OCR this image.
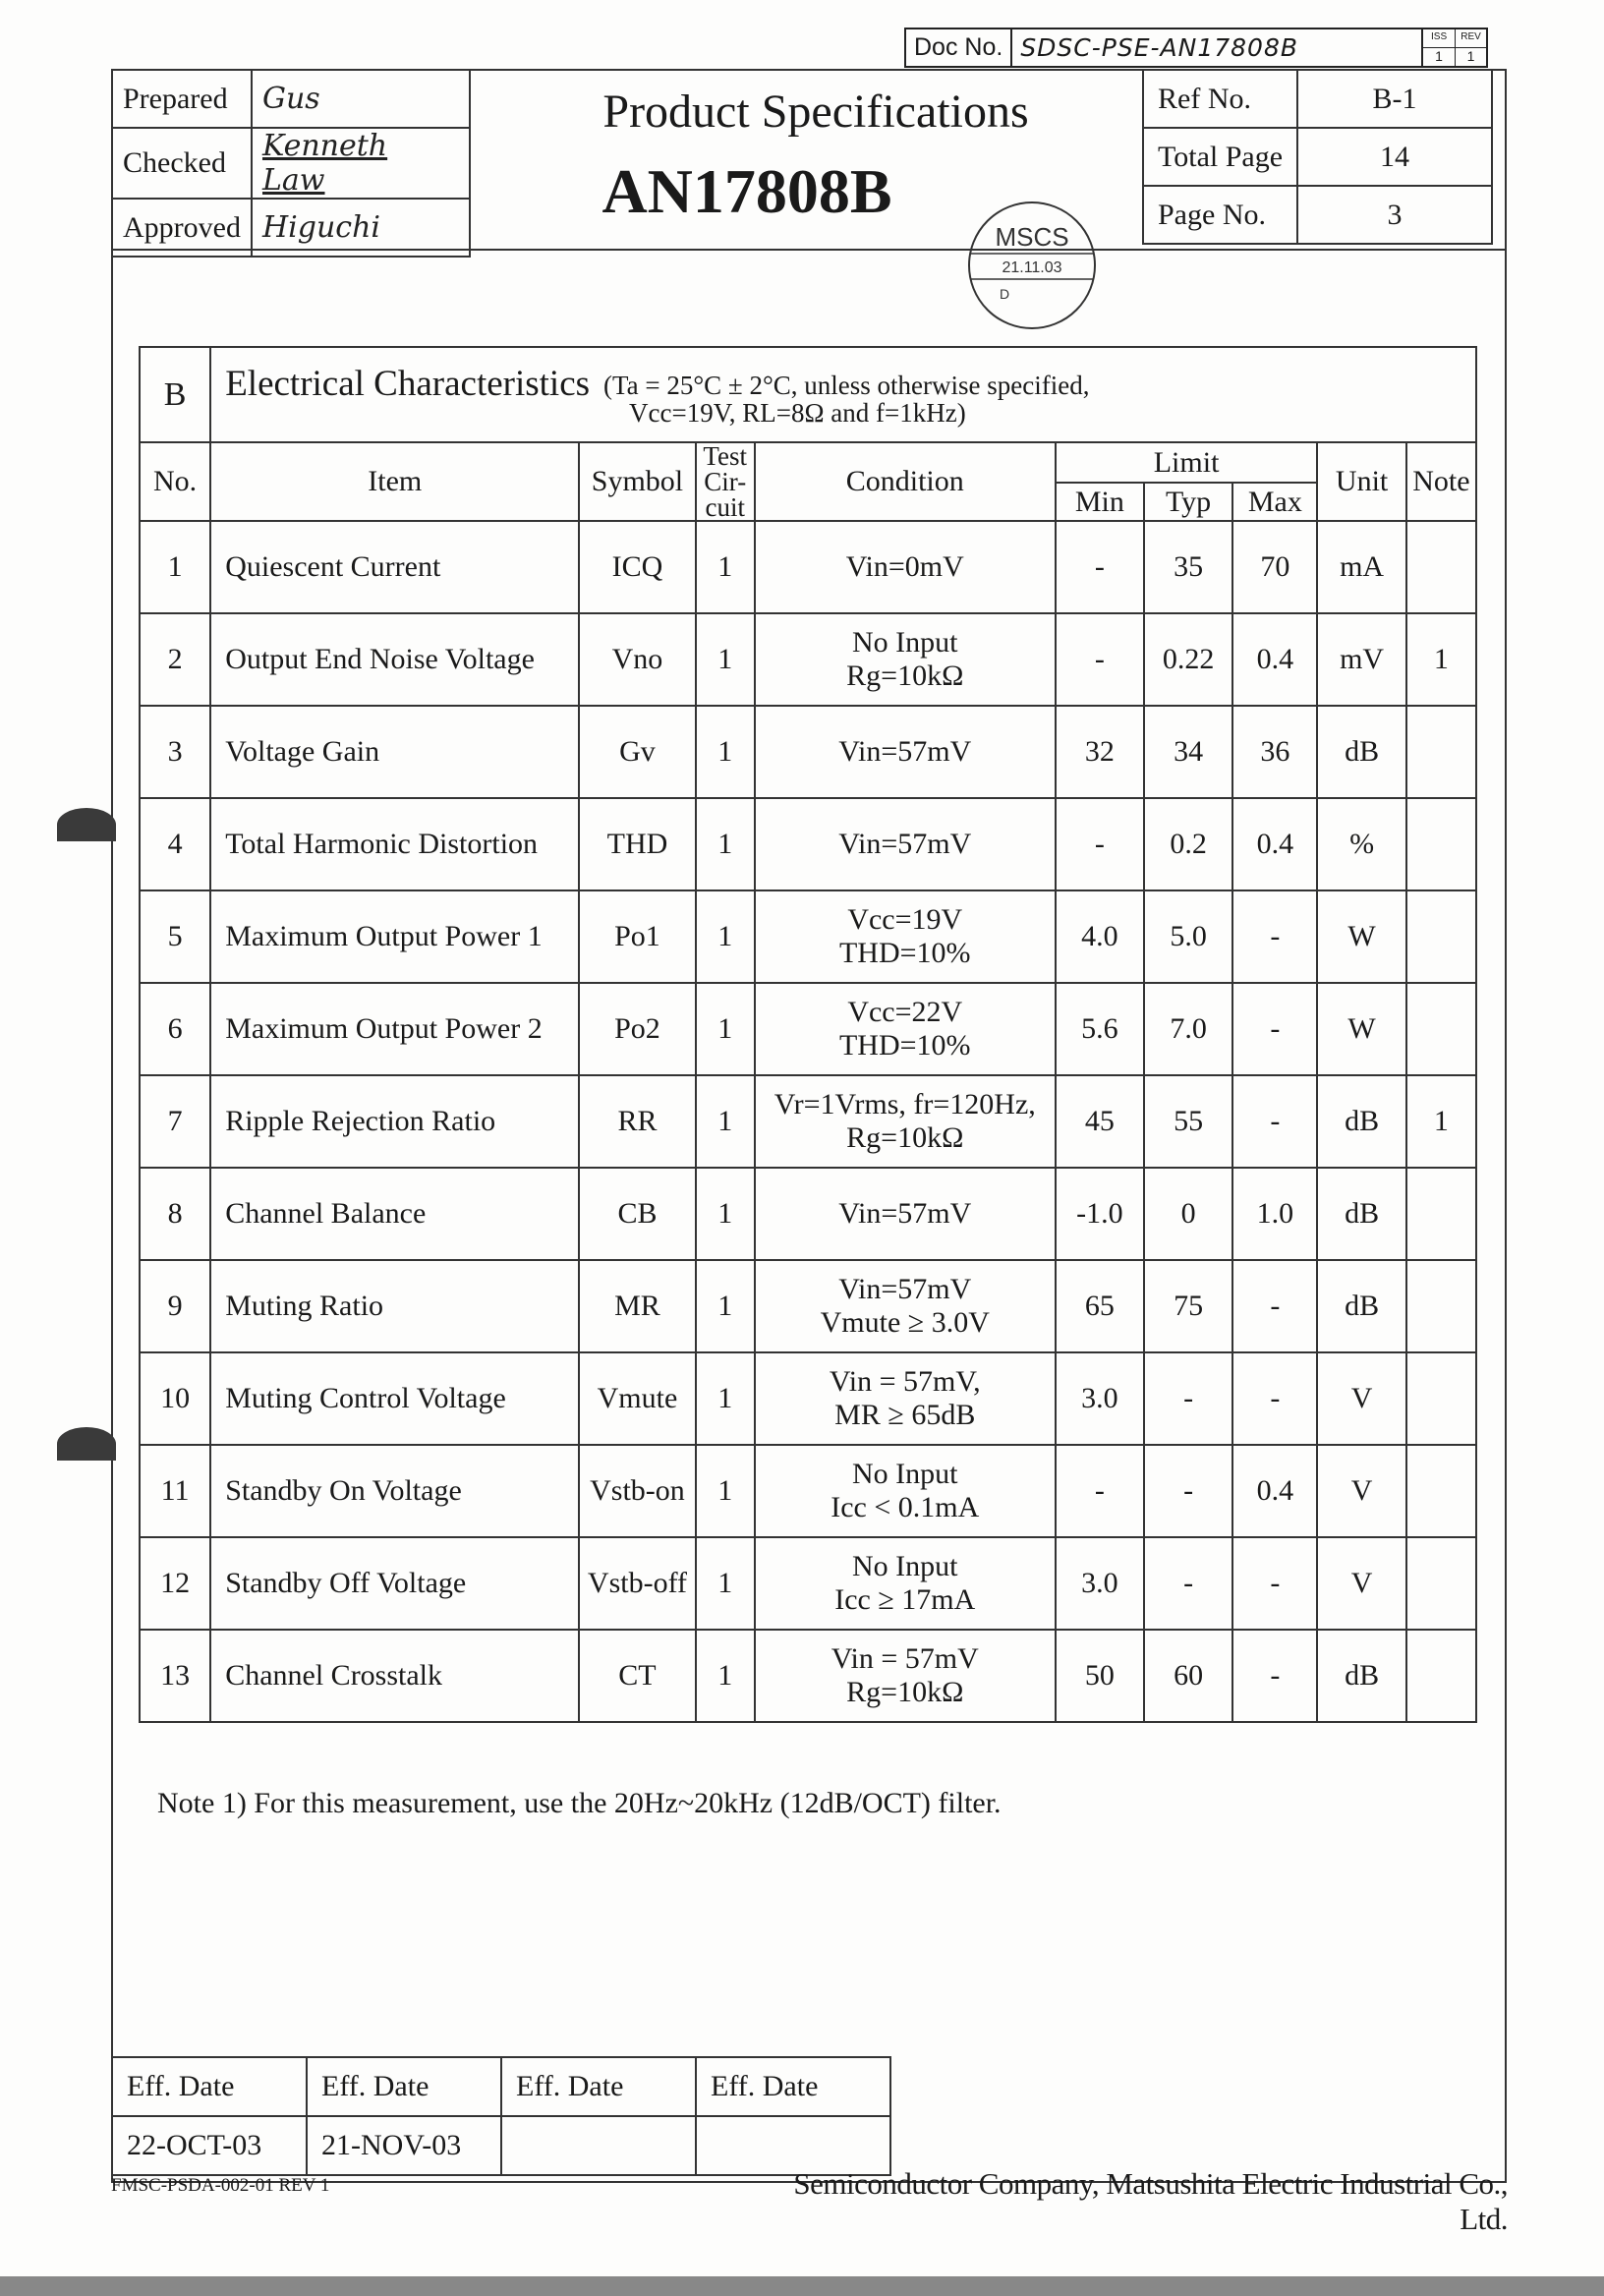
Doc No. SDSC-PSE-AN17808B	ISS	REV
1	1
Prepared	Gus
Checked	Kenneth Law
Approved	Higuchi
Product Specifications
AN17808B
Ref No.	B-1
Total Page	14
Page No.	3
MSCS
21.11.03
D
B	Electrical Characteristics (Ta = 25°C ± 2°C, unless otherwise specified,
Vcc=19V, RL=8Ω and f=1kHz)								

No.	Item	Symbol	Test
Cir-
cuit	Condition	Limit			Unit	Note
					Min	Typ	Max		
1	Quiescent Current	ICQ	1	Vin=0mV	-	35	70	mA	
2	Output End Noise Voltage	Vno	1	No Input
Rg=10kΩ	-	0.22	0.4	mV	1
3	Voltage Gain	Gv	1	Vin=57mV	32	34	36	dB	
4	Total Harmonic Distortion	THD	1	Vin=57mV	-	0.2	0.4	%	
5	Maximum Output Power 1	Po1	1	Vcc=19V
THD=10%	4.0	5.0	-	W	
6	Maximum Output Power 2	Po2	1	Vcc=22V
THD=10%	5.6	7.0	-	W	
7	Ripple Rejection Ratio	RR	1	Vr=1Vrms, fr=120Hz,
Rg=10kΩ	45	55	-	dB	1
8	Channel Balance	CB	1	Vin=57mV	-1.0	0	1.0	dB	
9	Muting Ratio	MR	1	Vin=57mV
Vmute ≥ 3.0V	65	75	-	dB	
10	Muting Control Voltage	Vmute	1	Vin = 57mV,
MR ≥ 65dB	3.0	-	-	V	
11	Standby On Voltage	Vstb-on	1	No Input
Icc < 0.1mA	-	-	0.4	V	
12	Standby Off Voltage	Vstb-off	1	No Input
Icc ≥ 17mA	3.0	-	-	V	
13	Channel Crosstalk	CT	1	Vin = 57mV
Rg=10kΩ	50	60	-	dB	
Note 1) For this measurement, use the 20Hz~20kHz (12dB/OCT) filter.
Eff. Date	Eff. Date	Eff. Date	Eff. Date
22-OCT-03	21-NOV-03		
FMSC-PSDA-002-01 REV 1	Semiconductor Company, Matsushita Electric Industrial Co., Ltd.
